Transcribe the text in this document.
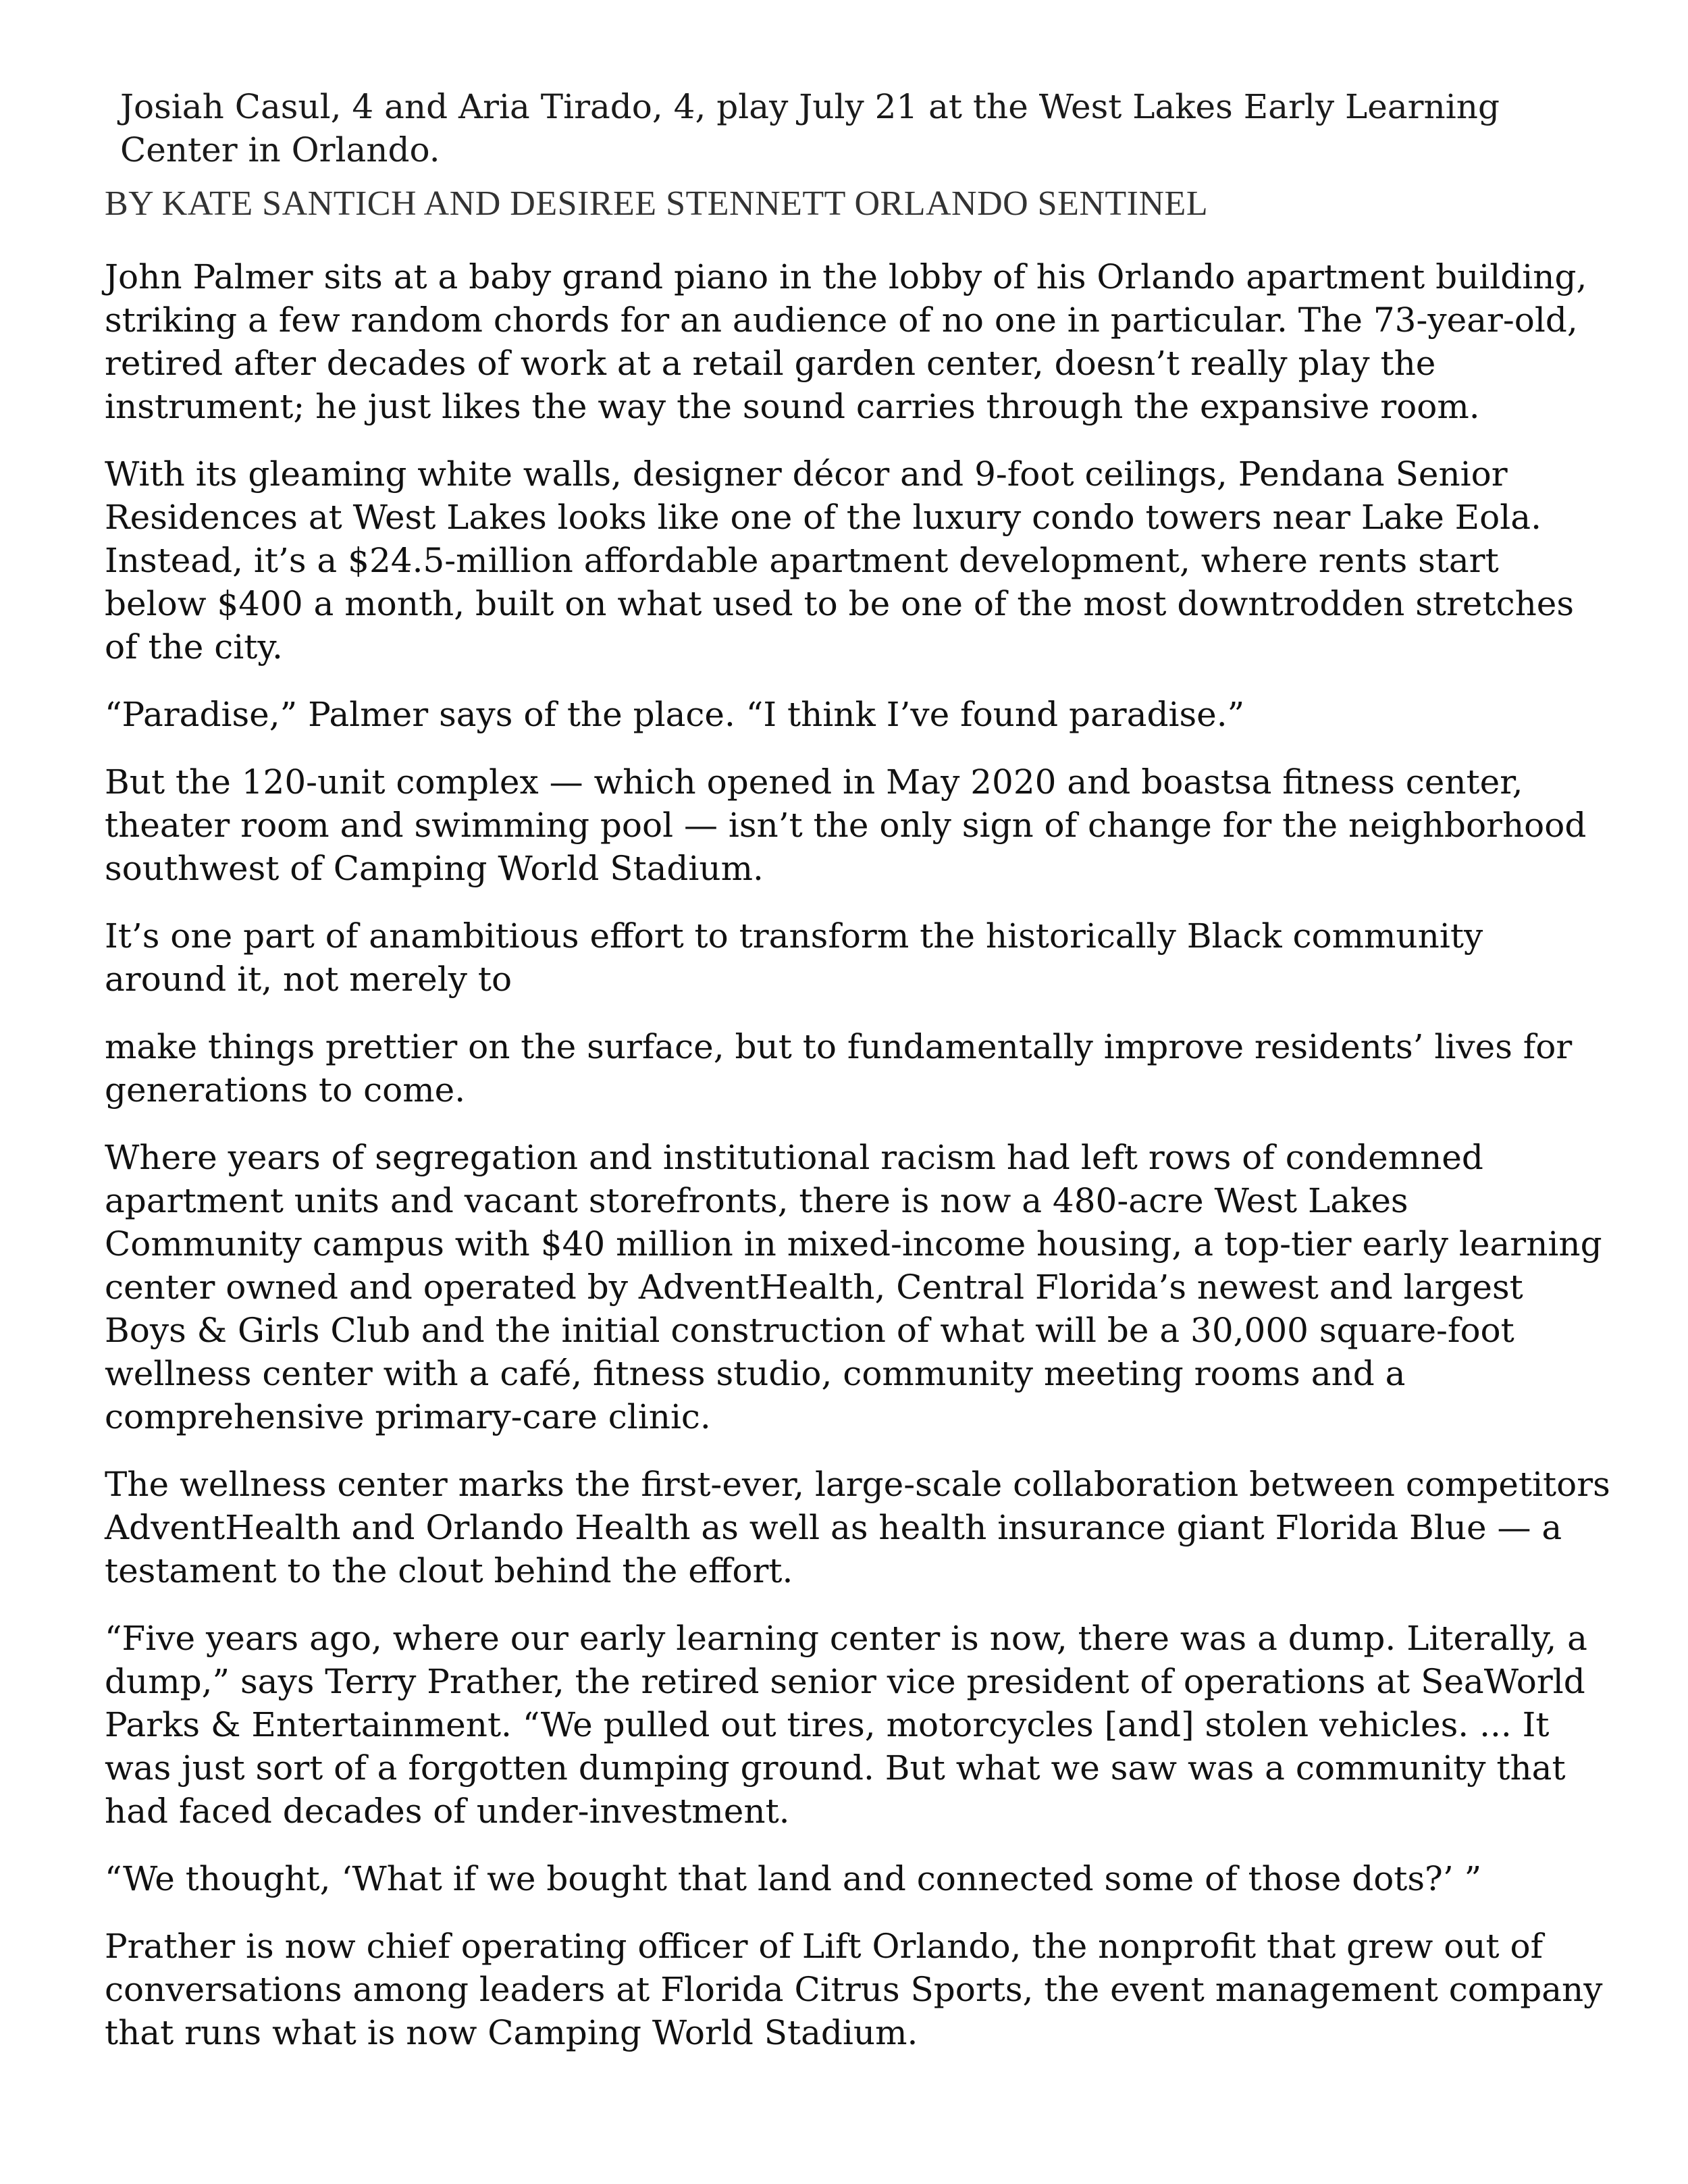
Josiah Casul, 4 and Aria Tirado, 4, play July 21 at the West Lakes Early Learning Center in Orlando.
BY KATE SANTICH AND DESIREE STENNETT ORLANDO SENTINEL

John Palmer sits at a baby grand piano in the lobby of his Orlando apartment building, striking a few random chords for an audience of no one in particular. The 73-year-old, retired after decades of work at a retail garden center, doesn’t really play the instrument; he just likes the way the sound carries through the expansive room.

With its gleaming white walls, designer décor and 9-foot ceilings, Pendana Senior Residences at West Lakes looks like one of the luxury condo towers near Lake Eola. Instead, it’s a $24.5-million affordable apartment development, where rents start below $400 a month, built on what used to be one of the most downtrodden stretches of the city.

“Paradise,” Palmer says of the place. “I think I’ve found paradise.”

But the 120-unit complex — which opened in May 2020 and boastsa fitness center, theater room and swimming pool — isn’t the only sign of change for the neighborhood southwest of Camping World Stadium.

It’s one part of anambitious effort to transform the historically Black community around it, not merely to

make things prettier on the surface, but to fundamentally improve residents’ lives for generations to come.

Where years of segregation and institutional racism had left rows of condemned apartment units and vacant storefronts, there is now a 480-acre West Lakes Community campus with $40 million in mixed-income housing, a top-tier early learning center owned and operated by AdventHealth, Central Florida’s newest and largest Boys & Girls Club and the initial construction of what will be a 30,000 square-foot wellness center with a café, fitness studio, community meeting rooms and a comprehensive primary-care clinic.

The wellness center marks the first-ever, large-scale collaboration between competitors AdventHealth and Orlando Health as well as health insurance giant Florida Blue — a testament to the clout behind the effort.

“Five years ago, where our early learning center is now, there was a dump. Literally, a dump,” says Terry Prather, the retired senior vice president of operations at SeaWorld Parks & Entertainment. “We pulled out tires, motorcycles [and] stolen vehicles. ... It was just sort of a forgotten dumping ground. But what we saw was a community that had faced decades of under-investment.

“We thought, ‘What if we bought that land and connected some of those dots?’ ”

Prather is now chief operating officer of Lift Orlando, the nonprofit that grew out of conversations among leaders at Florida Citrus Sports, the event management company that runs what is now Camping World Stadium.
